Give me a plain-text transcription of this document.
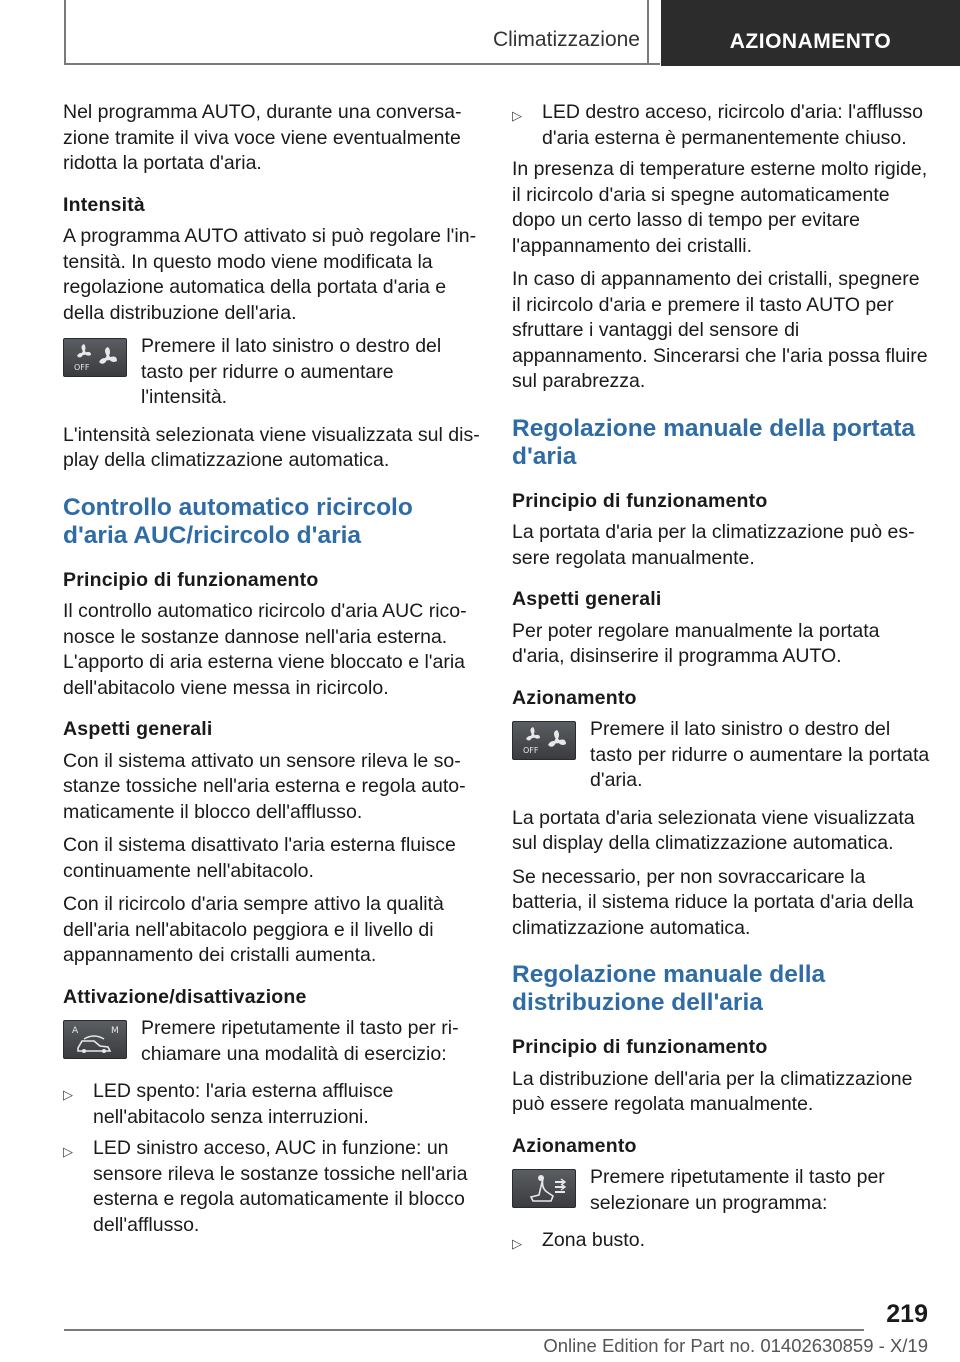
Climatizzazione	AZIONAMENTO

Nel programma AUTO, durante una conversazione tramite il viva voce viene eventualmente ridotta la portata d'aria.

Intensità

A programma AUTO attivato si può regolare l'intensità. In questo modo viene modificata la regolazione automatica della portata d'aria e della distribuzione dell'aria.

OFF
Premere il lato sinistro o destro del tasto per ridurre o aumentare l'intensità.

L'intensità selezionata viene visualizzata sul display della climatizzazione automatica.

Controllo automatico ricircolo d'aria AUC/ricircolo d'aria
Principio di funzionamento

Il controllo automatico ricircolo d'aria AUC riconosce le sostanze dannose nell'aria esterna. L'apporto di aria esterna viene bloccato e l'aria dell'abitacolo viene messa in ricircolo.

Aspetti generali

Con il sistema attivato un sensore rileva le sostanze tossiche nell'aria esterna e regola automaticamente il blocco dell'afflusso.

Con il sistema disattivato l'aria esterna fluisce continuamente nell'abitacolo.

Con il ricircolo d'aria sempre attivo la qualità dell'aria nell'abitacolo peggiora e il livello di appannamento dei cristalli aumenta.

Attivazione/disattivazione
A	M Premere ripetutamente il tasto per richiamare una modalità di esercizio:
▷	LED spento: l'aria esterna affluisce nell'abitacolo senza interruzioni.
▷	LED sinistro acceso, AUC in funzione: un sensore rileva le sostanze tossiche nell'aria esterna e regola automaticamente il blocco dell'afflusso.
▷	LED destro acceso, ricircolo d'aria: l'afflusso d'aria esterna è permanentemente chiuso.

In presenza di temperature esterne molto rigide, il ricircolo d'aria si spegne automaticamente dopo un certo lasso di tempo per evitare l'appannamento dei cristalli.

In caso di appannamento dei cristalli, spegnere il ricircolo d'aria e premere il tasto AUTO per sfruttare i vantaggi del sensore di appannamento. Sincerarsi che l'aria possa fluire sul parabrezza.

Regolazione manuale della portata d'aria
Principio di funzionamento

La portata d'aria per la climatizzazione può essere regolata manualmente.

Aspetti generali

Per poter regolare manualmente la portata d'aria, disinserire il programma AUTO.

Azionamento
OFF
Premere il lato sinistro o destro del tasto per ridurre o aumentare la portata d'aria.

La portata d'aria selezionata viene visualizzata sul display della climatizzazione automatica.

Se necessario, per non sovraccaricare la batteria, il sistema riduce la portata d'aria della climatizzazione automatica.

Regolazione manuale della distribuzione dell'aria
Principio di funzionamento

La distribuzione dell'aria per la climatizzazione può essere regolata manualmente.

Azionamento
Premere ripetutamente il tasto per selezionare un programma:
▷	Zona busto.
219
Online Edition for Part no. 01402630859 - X/19
